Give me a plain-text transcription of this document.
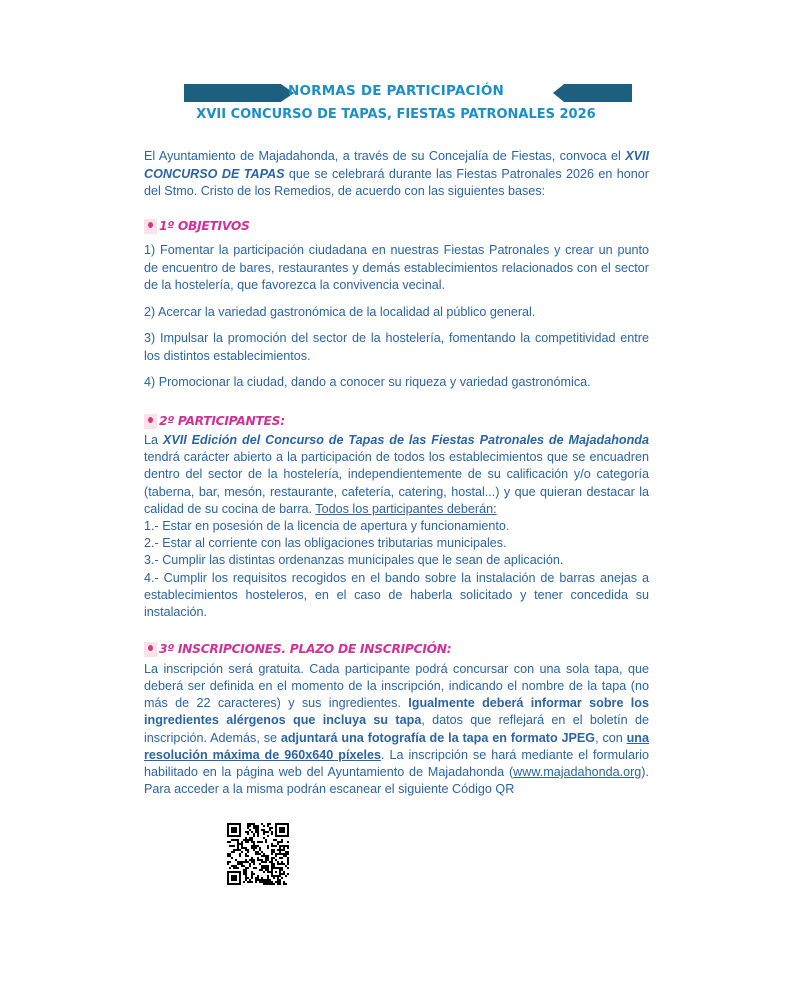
NORMAS DE PARTICIPACIÓN
XVII CONCURSO DE TAPAS, FIESTAS PATRONALES 2026

El Ayuntamiento de Majadahonda, a través de su Concejalía de Fiestas, convoca el XVII CONCURSO DE TAPAS que se celebrará durante las Fiestas Patronales 2026 en honor del Stmo. Cristo de los Remedios, de acuerdo con las siguientes bases:

1º OBJETIVOS

1) Fomentar la participación ciudadana en nuestras Fiestas Patronales y crear un punto de encuentro de bares, restaurantes y demás establecimientos relacionados con el sector de la hostelería, que favorezca la convivencia vecinal.

2) Acercar la variedad gastronómica de la localidad al público general.

3) Impulsar la promoción del sector de la hostelería, fomentando la competitividad entre los distintos establecimientos.

4) Promocionar la ciudad, dando a conocer su riqueza y variedad gastronómica.

2º PARTICIPANTES:

La XVII Edición del Concurso de Tapas de las Fiestas Patronales de Majadahonda tendrá carácter abierto a la participación de todos los establecimientos que se encuadren dentro del sector de la hostelería, independientemente de su calificación y/o categoría (taberna, bar, mesón, restaurante, cafetería, catering, hostal...) y que quieran destacar la calidad de su cocina de barra. Todos los participantes deberán:

1.- Estar en posesión de la licencia de apertura y funcionamiento.

2.- Estar al corriente con las obligaciones tributarias municipales.

3.- Cumplir las distintas ordenanzas municipales que le sean de aplicación.

4.- Cumplir los requisitos recogidos en el bando sobre la instalación de barras anejas a establecimientos hosteleros, en el caso de haberla solicitado y tener concedida su instalación.

3º INSCRIPCIONES. PLAZO DE INSCRIPCIÓN:

La inscripción será gratuita. Cada participante podrá concursar con una sola tapa, que deberá ser definida en el momento de la inscripción, indicando el nombre de la tapa (no más de 22 caracteres) y sus ingredientes. Igualmente deberá informar sobre los ingredientes alérgenos que incluya su tapa, datos que reflejará en el boletín de inscripción. Además, se adjuntará una fotografía de la tapa en formato JPEG, con una resolución máxima de 960x640 píxeles. La inscripción se hará mediante el formulario habilitado en la página web del Ayuntamiento de Majadahonda (www.majadahonda.org). Para acceder a la misma podrán escanear el siguiente Código QR
